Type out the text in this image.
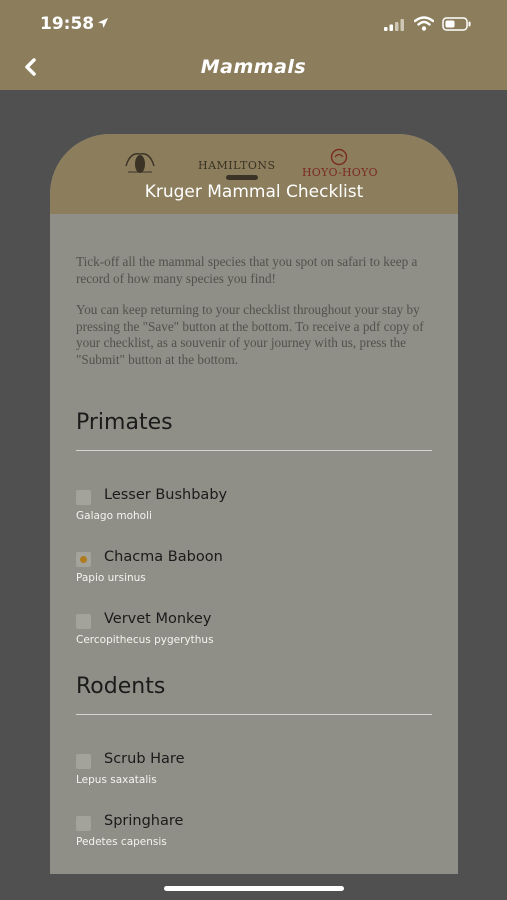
19:58
Mammals
HAMILTONS
HOYO-HOYO
Kruger Mammal Checklist

Tick-off all the mammal species that you spot on safari to keep a record of how many species you find!

You can keep returning to your checklist throughout your stay by pressing the "Save" button at the bottom. To receive a pdf copy of your checklist, as a souvenir of your journey with us, press the "Submit" button at the bottom.

Primates
Lesser Bushbaby
Galago moholi
Chacma Baboon
Papio ursinus
Vervet Monkey
Cercopithecus pygerythus
Rodents
Scrub Hare
Lepus saxatalis
Springhare
Pedetes capensis
